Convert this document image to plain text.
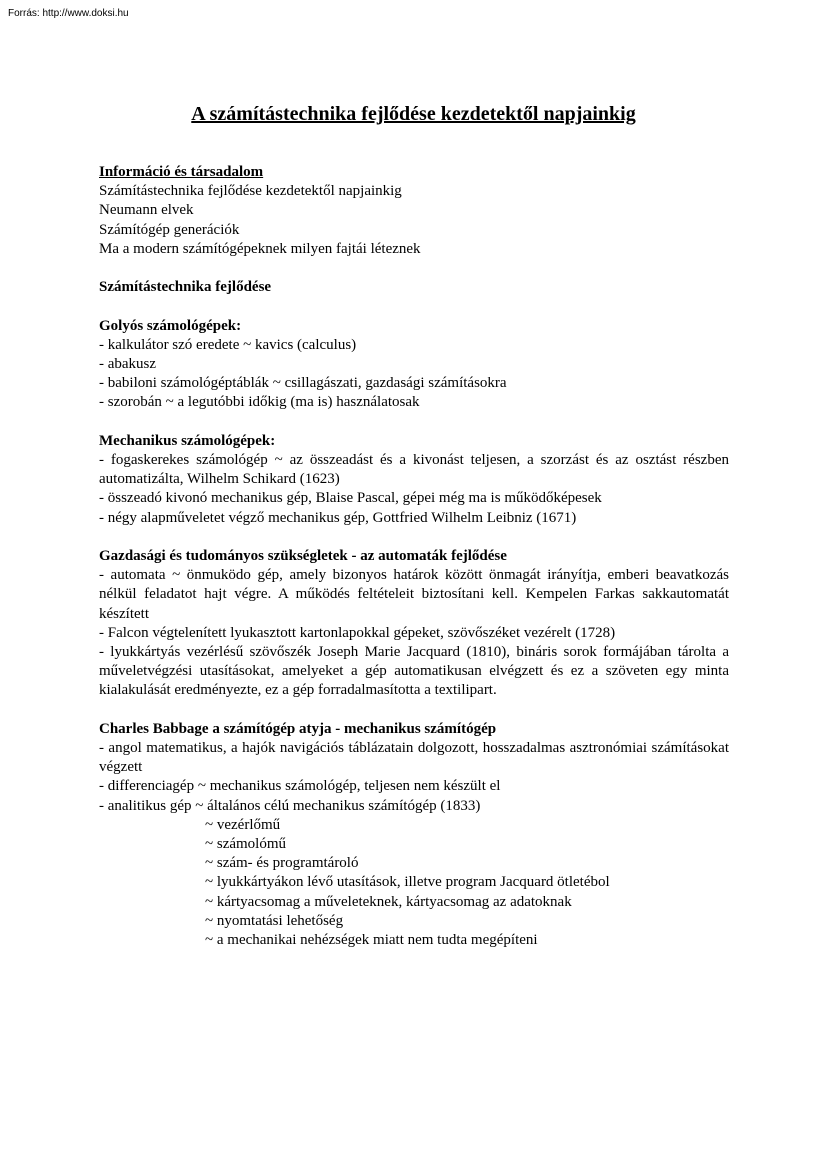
Forrás: http://www.doksi.hu
A számítástechnika fejlődése kezdetektől napjainkig

Információ és társadalom

Számítástechnika fejlődése kezdetektől napjainkig

Neumann elvek

Számítógép generációk

Ma a modern számítógépeknek milyen fajtái léteznek

Számítástechnika fejlődése

Golyós számológépek:

- kalkulátor szó eredete ~ kavics (calculus)

- abakusz

- babiloni számológéptáblák ~ csillagászati, gazdasági számításokra

- szorobán ~ a legutóbbi időkig (ma is) használatosak

Mechanikus számológépek:

- fogaskerekes számológép ~ az összeadást és a kivonást teljesen, a szorzást és az osztást részben automatizálta, Wilhelm Schikard (1623)

- összeadó kivonó mechanikus gép, Blaise Pascal, gépei még ma is működőképesek

- négy alapműveletet végző mechanikus gép, Gottfried Wilhelm Leibniz (1671)

Gazdasági és tudományos szükségletek - az automaták fejlődése

- automata ~ önmuködo gép, amely bizonyos határok között önmagát irányítja, emberi beavatkozás nélkül feladatot hajt végre. A működés feltételeit biztosítani kell. Kempelen Farkas sakkautomatát készített

- Falcon végtelenített lyukasztott kartonlapokkal gépeket, szövőszéket vezérelt (1728)

- lyukkártyás vezérlésű szövőszék Joseph Marie Jacquard (1810), bináris sorok formájában tárolta a műveletvégzési utasításokat, amelyeket a gép automatikusan elvégzett és ez a szöveten egy minta kialakulását eredményezte, ez a gép forradalmasította a textilipart.

Charles Babbage a számítógép atyja - mechanikus számítógép

- angol matematikus, a hajók navigációs táblázatain dolgozott, hosszadalmas asztronómiai számításokat végzett

- differenciagép ~ mechanikus számológép, teljesen nem készült el

- analitikus gép ~ általános célú mechanikus számítógép (1833)

~ vezérlőmű

~ számolómű

~ szám- és programtároló

~ lyukkártyákon lévő utasítások, illetve program Jacquard ötletébol

~ kártyacsomag a műveleteknek, kártyacsomag az adatoknak

~ nyomtatási lehetőség

~ a mechanikai nehézségek miatt nem tudta megépíteni
